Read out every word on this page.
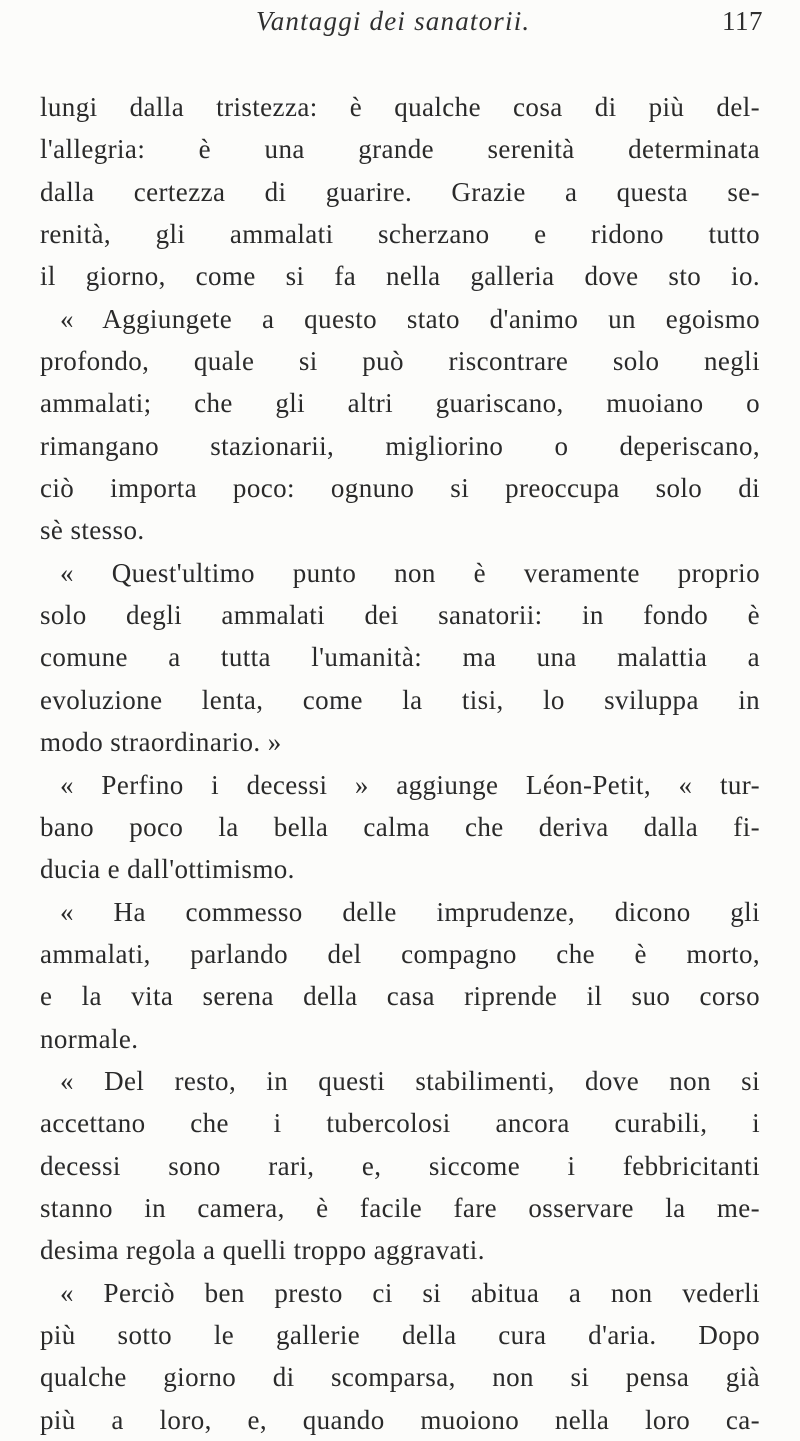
Vantaggi dei sanatorii.	117
lungi dalla tristezza: è qualche cosa di più del-
l'allegria: è una grande serenità determinata
dalla certezza di guarire. Grazie a questa se-
renità, gli ammalati scherzano e ridono tutto
il giorno, come si fa nella galleria dove sto io.
« Aggiungete a questo stato d'animo un egoismo
profondo, quale si può riscontrare solo negli
ammalati; che gli altri guariscano, muoiano o
rimangano stazionarii, migliorino o deperiscano,
ciò importa poco: ognuno si preoccupa solo di
sè stesso.
« Quest'ultimo punto non è veramente proprio
solo degli ammalati dei sanatorii: in fondo è
comune a tutta l'umanità: ma una malattia a
evoluzione lenta, come la tisi, lo sviluppa in
modo straordinario. »
« Perfino i decessi » aggiunge Léon-Petit, « tur-
bano poco la bella calma che deriva dalla fi-
ducia e dall'ottimismo.
« Ha commesso delle imprudenze, dicono gli
ammalati, parlando del compagno che è morto,
e la vita serena della casa riprende il suo corso
normale.
« Del resto, in questi stabilimenti, dove non si
accettano che i tubercolosi ancora curabili, i
decessi sono rari, e, siccome i febbricitanti
stanno in camera, è facile fare osservare la me-
desima regola a quelli troppo aggravati.
« Perciò ben presto ci si abitua a non vederli
più sotto le gallerie della cura d'aria. Dopo
qualche giorno di scomparsa, non si pensa già
più a loro, e, quando muoiono nella loro ca-
